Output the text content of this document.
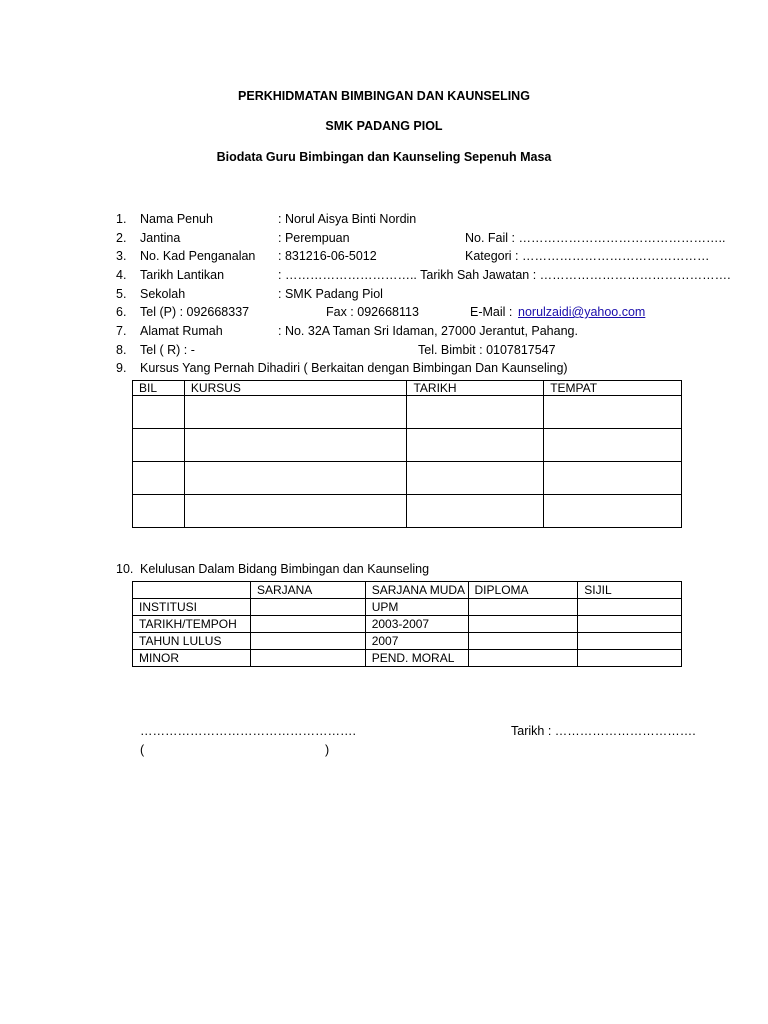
PERKHIDMATAN BIMBINGAN DAN KAUNSELING
SMK PADANG PIOL
Biodata Guru Bimbingan dan Kaunseling Sepenuh Masa
1. Nama Penuh	: Norul Aisya Binti Nordin
2. Jantina	: Perempuan	No. Fail : …………………………………………..
3. No. Kad Penganalan : 831216-06-5012	Kategori : ………………………………………
4. Tarikh Lantikan	: ………………………….. Tarikh Sah Jawatan : ……………………………………….
5. Sekolah	: SMK Padang Piol
6. Tel (P) : 092668337	Fax : 092668113	E-Mail : norulzaidi@yahoo.com
7. Alamat Rumah	: No. 32A Taman Sri Idaman, 27000 Jerantut, Pahang.
8. Tel ( R) : -	Tel. Bimbit : 0107817547
9. Kursus Yang Pernah Dihadiri ( Berkaitan dengan Bimbingan Dan Kaunseling)
BIL	KURSUS	TARIKH	TEMPAT

10. Kelulusan Dalam Bidang Bimbingan dan Kaunseling
	SARJANA	SARJANA MUDA	DIPLOMA	SIJIL
INSTITUSI		UPM		
TARIKH/TEMPOH		2003-2007		
TAHUN LULUS		2007		
MINOR		PEND. MORAL		
…………………………………………….	Tarikh : …………………………….
(	)
